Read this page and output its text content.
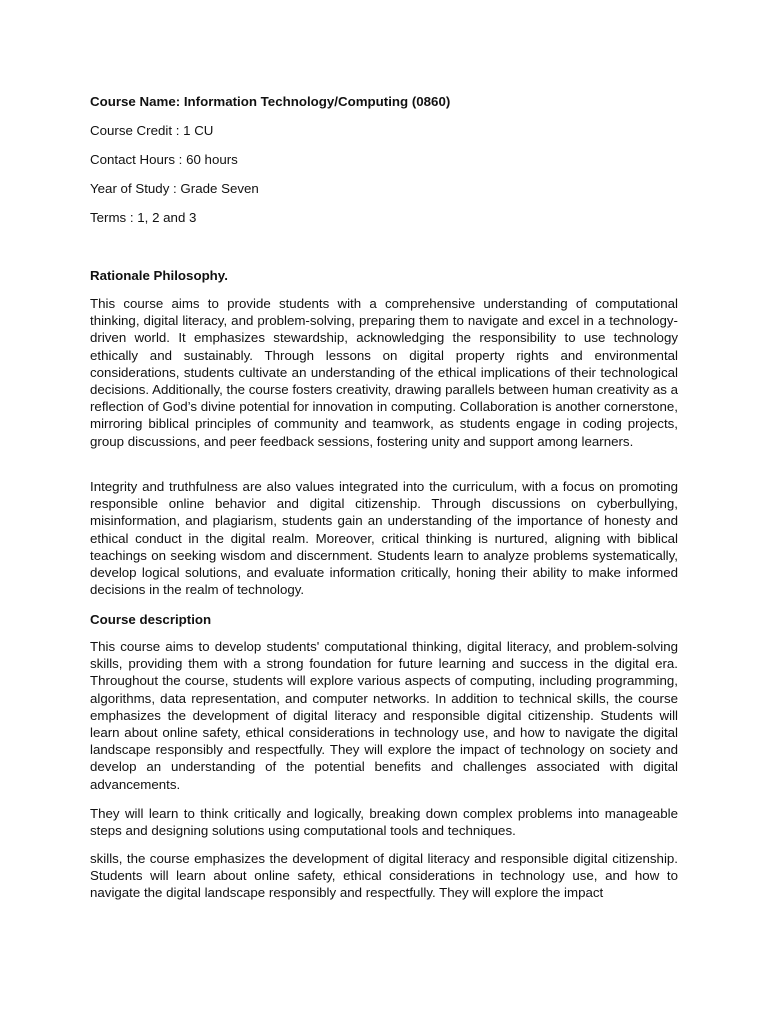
Course Name: Information Technology/Computing (0860)
Course Credit : 1 CU
Contact Hours : 60 hours
Year of Study : Grade Seven
Terms : 1, 2 and 3
Rationale Philosophy.

This course aims to provide students with a comprehensive understanding of computational thinking, digital literacy, and problem-solving, preparing them to navigate and excel in a technology-driven world. It emphasizes stewardship, acknowledging the responsibility to use technology ethically and sustainably. Through lessons on digital property rights and environmental considerations, students cultivate an understanding of the ethical implications of their technological decisions. Additionally, the course fosters creativity, drawing parallels between human creativity as a reflection of God’s divine potential for innovation in computing. Collaboration is another cornerstone, mirroring biblical principles of community and teamwork, as students engage in coding projects, group discussions, and peer feedback sessions, fostering unity and support among learners.

Integrity and truthfulness are also values integrated into the curriculum, with a focus on promoting responsible online behavior and digital citizenship. Through discussions on cyberbullying, misinformation, and plagiarism, students gain an understanding of the importance of honesty and ethical conduct in the digital realm. Moreover, critical thinking is nurtured, aligning with biblical teachings on seeking wisdom and discernment. Students learn to analyze problems systematically, develop logical solutions, and evaluate information critically, honing their ability to make informed decisions in the realm of technology.

Course description

This course aims to develop students' computational thinking, digital literacy, and problem-solving skills, providing them with a strong foundation for future learning and success in the digital era. Throughout the course, students will explore various aspects of computing, including programming, algorithms, data representation, and computer networks. In addition to technical skills, the course emphasizes the development of digital literacy and responsible digital citizenship. Students will learn about online safety, ethical considerations in technology use, and how to navigate the digital landscape responsibly and respectfully. They will explore the impact of technology on society and develop an understanding of the potential benefits and challenges associated with digital advancements.

They will learn to think critically and logically, breaking down complex problems into manageable steps and designing solutions using computational tools and techniques.

skills, the course emphasizes the development of digital literacy and responsible digital citizenship. Students will learn about online safety, ethical considerations in technology use, and how to navigate the digital landscape responsibly and respectfully. They will explore the impact
